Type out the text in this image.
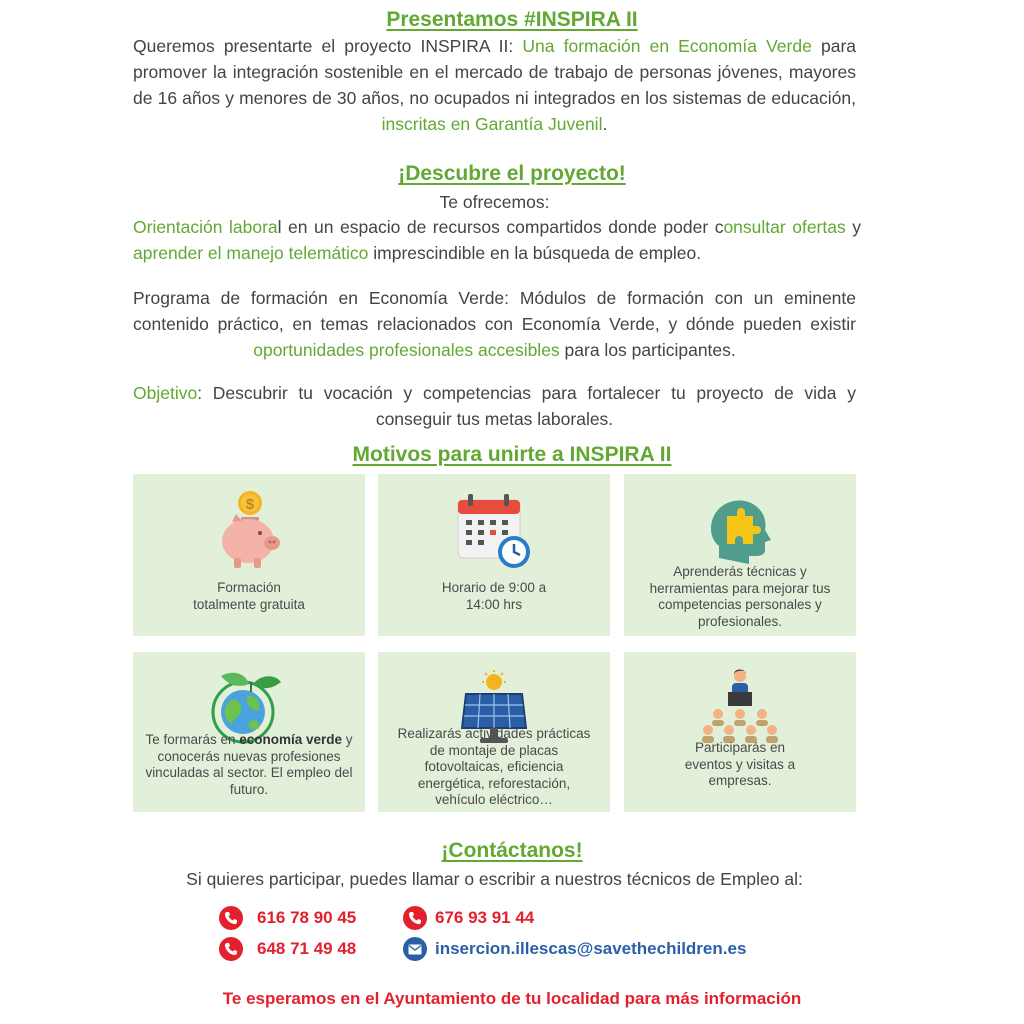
Presentamos #INSPIRA II
Queremos presentarte el proyecto INSPIRA II: Una formación en Economía Verde para promover la integración sostenible en el mercado de trabajo de personas jóvenes, mayores de 16 años y menores de 30 años, no ocupados ni integrados en los sistemas de educación, inscritas en Garantía Juvenil.
¡Descubre el proyecto!
Te ofrecemos:
Orientación laboral en un espacio de recursos compartidos donde poder consultar ofertas y aprender el manejo telemático imprescindible en la búsqueda de empleo.
Programa de formación en Economía Verde: Módulos de formación con un eminente contenido práctico, en temas relacionados con Economía Verde, y dónde pueden existir oportunidades profesionales accesibles para los participantes.
Objetivo: Descubrir tu vocación y competencias para fortalecer tu proyecto de vida y conseguir tus metas laborales.
Motivos para unirte a INSPIRA II
$
Formación
totalmente gratuita
Horario de 9:00 a
14:00 hrs
Aprenderás técnicas y
herramientas para mejorar tus
competencias personales y
profesionales.
Te formarás en economía verde y conocerás nuevas profesiones vinculadas al sector. El empleo del futuro.
Realizarás actividades prácticas
de montaje de placas
fotovoltaicas, eficiencia
energética, reforestación,
vehículo eléctrico…
Participarás en
eventos y visitas a
empresas.
¡Contáctanos!
Si quieres participar, puedes llamar o escribir a nuestros técnicos de Empleo al:
616 78 90 45	676 93 91 44
648 71 49 48	insercion.illescas@savethechildren.es
Te esperamos en el Ayuntamiento de tu localidad para más información
